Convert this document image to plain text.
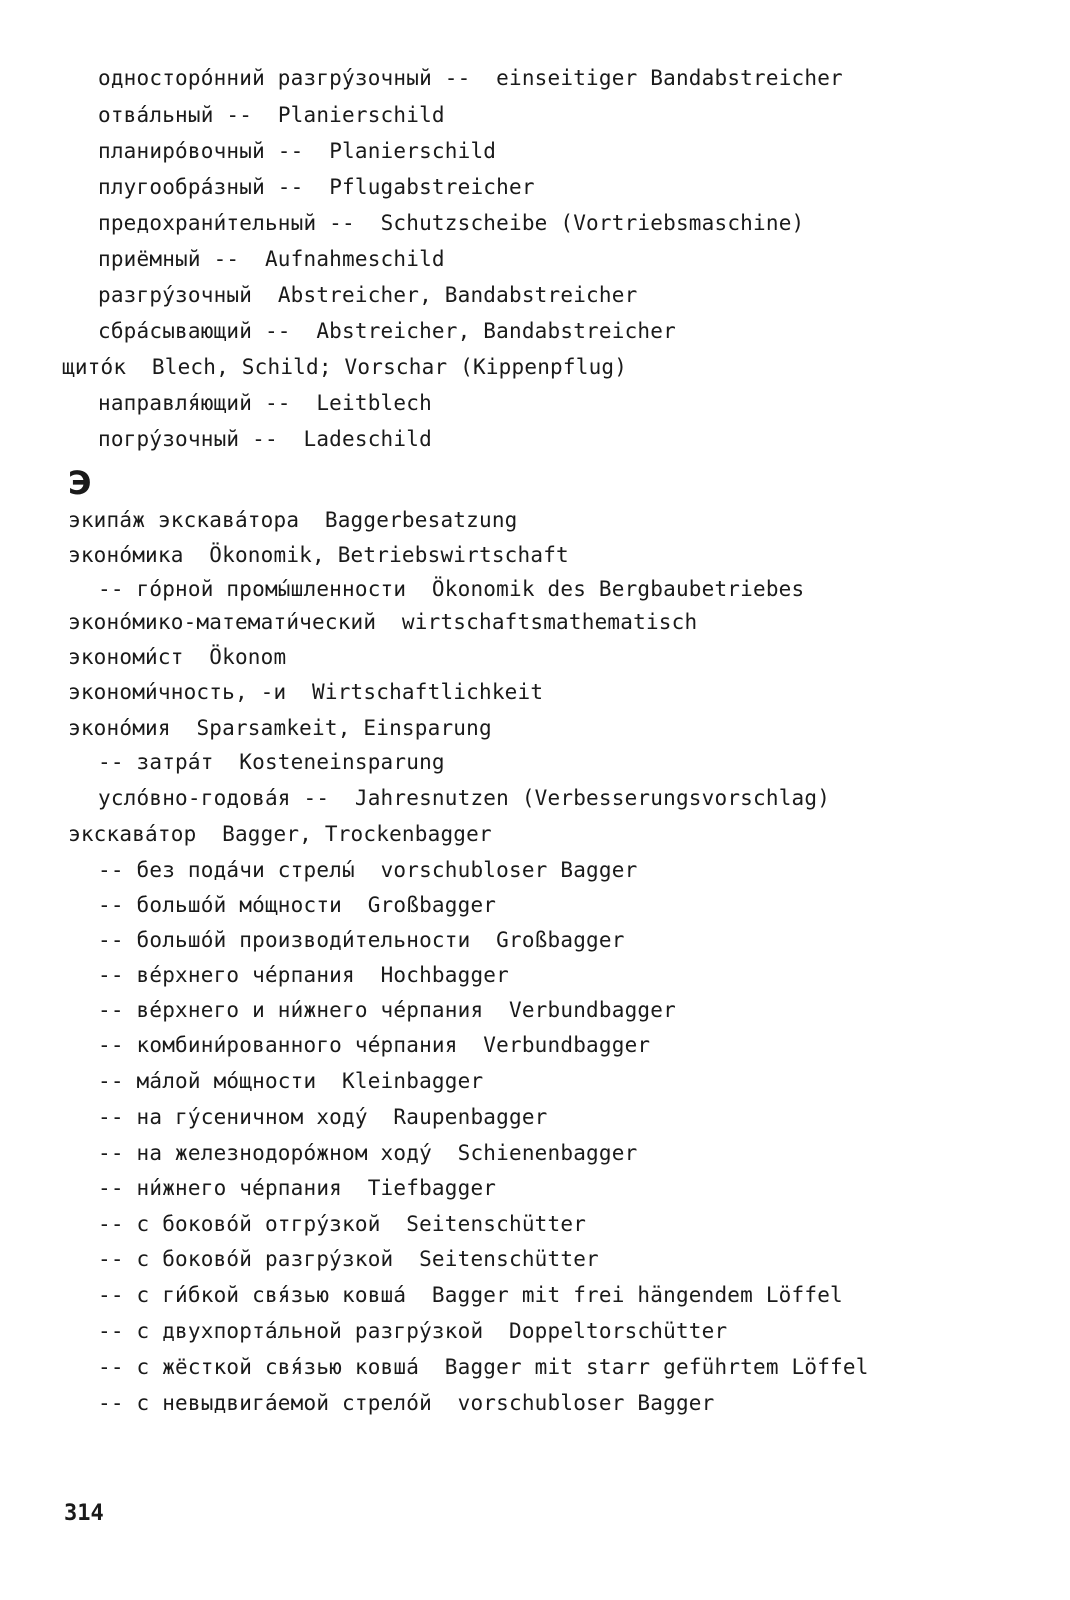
односторо́нний разгру́зочный -- einseitiger Bandabstreicher
отва́льный -- Planierschild
планиро́вочный -- Planierschild
плугообра́зный -- Pflugabstreicher
предохрани́тельный -- Schutzscheibe (Vortriebsmaschine)
приёмный -- Aufnahmeschild
разгру́зочный Abstreicher, Bandabstreicher
сбра́сывающий -- Abstreicher, Bandabstreicher
щито́к Blech, Schild; Vorschar (Kippenpflug)
направля́ющий -- Leitblech
погру́зочный -- Ladeschild
Э
экипа́ж экскава́тора Baggerbesatzung
эконо́мика Ökonomik, Betriebswirtschaft
-- го́рной промы́шленности Ökonomik des Bergbaubetriebes
эконо́мико-математи́ческий wirtschaftsmathematisch
экономи́ст Ökonom
экономи́чность, -и Wirtschaftlichkeit
эконо́мия Sparsamkeit, Einsparung
-- затра́т Kosteneinsparung
усло́вно-годова́я -- Jahresnutzen (Verbesserungsvorschlag)
экскава́тор Bagger, Trockenbagger
-- без пода́чи стрелы́ vorschubloser Bagger
-- большо́й мо́щности Großbagger
-- большо́й производи́тельности Großbagger
-- ве́рхнего че́рпания Hochbagger
-- ве́рхнего и ни́жнего че́рпания Verbundbagger
-- комбини́рованного че́рпания Verbundbagger
-- ма́лой мо́щности Kleinbagger
-- на гу́сеничном ходу́ Raupenbagger
-- на железнодоро́жном ходу́ Schienenbagger
-- ни́жнего че́рпания Tiefbagger
-- с боково́й отгру́зкой Seitenschütter
-- с боково́й разгру́зкой Seitenschütter
-- с ги́бкой свя́зью ковша́ Bagger mit frei hängendem Löffel
-- с двухпорта́льной разгру́зкой Doppeltorschütter
-- с жёсткой свя́зью ковша́ Bagger mit starr geführtem Löffel
-- с невыдвига́емой стрело́й vorschubloser Bagger
314
